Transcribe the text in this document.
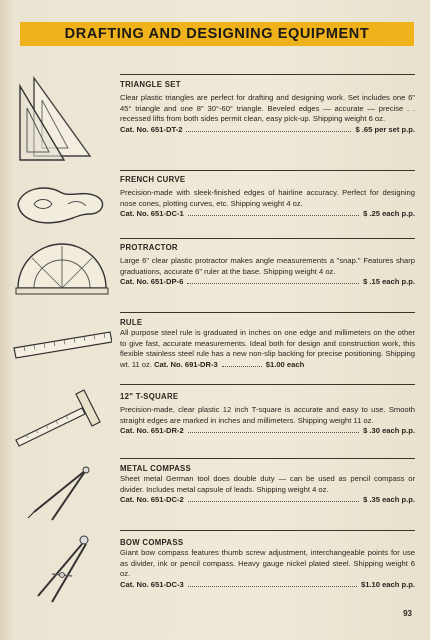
DRAFTING AND DESIGNING EQUIPMENT
TRIANGLE SET

Clear plastic triangles are perfect for drafting and designing work. Set includes one 6" 45° triangle and one 8" 30°-60° triangle. Beveled edges — accurate — precise . . recessed lifts from both sides permit clean, easy pick-up. Shipping weight 6 oz.

Cat. No. 651-DT-2	$ .65 per set p.p.
FRENCH CURVE

Precision-made with sleek-finished edges of hairline accuracy. Perfect for designing nose cones, plotting curves, etc. Shipping weight 4 oz.

Cat. No. 651-DC-1	$ .25 each p.p.
PROTRACTOR

Large 6" clear plastic protractor makes angle measurements a "snap." Features sharp graduations, accurate 6" ruler at the base. Shipping weight 4 oz.

Cat. No. 651-DP-6	$ .15 each p.p.
RULE

All purpose steel rule is graduated in inches on one edge and millimeters on the other to give fast, accurate measurements. Ideal both for design and construction work, this flexible stainless steel rule has a new non-slip backing for precise positioning. Shipping wt. 11 oz. Cat. No. 691-DR-3	$1.00 each

12" T-SQUARE

Precision-made, clear plastic 12 inch T-square is accurate and easy to use. Smooth straight edges are marked in inches and millimeters. Shipping weight 11 oz.

Cat. No. 651-DR-2	$ .30 each p.p.
METAL COMPASS

Sheet metal German tool does double duty — can be used as pencil compass or divider. Includes metal capsule of leads. Shipping weight 4 oz.

Cat. No. 651-DC-2	$ .35 each p.p.
BOW COMPASS

Giant bow compass features thumb screw adjustment, interchangeable points for use as divider, ink or pencil compass. Heavy gauge nickel plated steel. Shipping weight 6 oz.

Cat. No. 651-DC-3	$1.10 each p.p.
93
